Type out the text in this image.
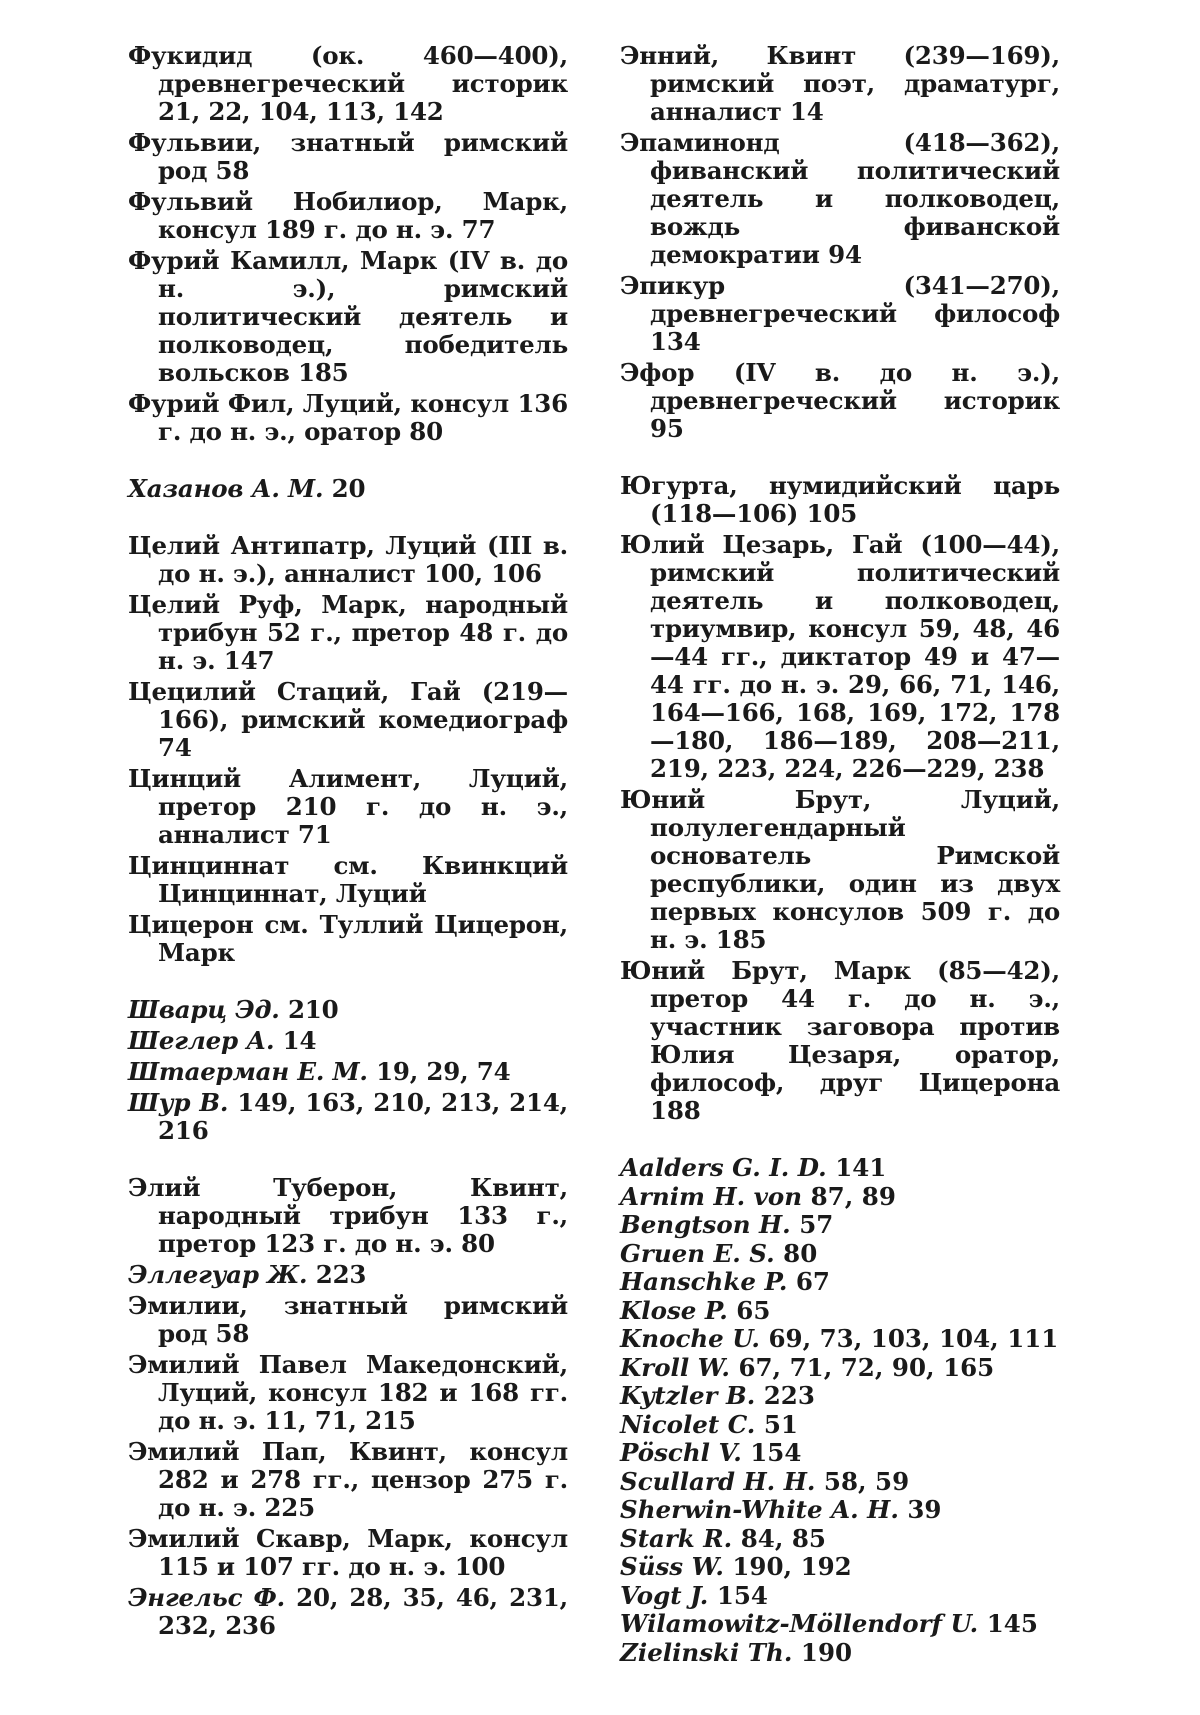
Фукидид (ок. 460—400), древнегреческий историк 21, 22, 104, 113, 142
Фульвии, знатный римский род 58
Фульвий Нобилиор, Марк, консул 189 г. до н. э. 77
Фурий Камилл, Марк (IV в. до н. э.), римский политический деятель и полководец, победитель вольсков 185
Фурий Фил, Луций, консул 136 г. до н. э., оратор 80
Хазанов А. М. 20
Целий Антипатр, Луций (III в. до н. э.), анналист 100, 106
Целий Руф, Марк, народный трибун 52 г., претор 48 г. до н. э. 147
Цецилий Стаций, Гай (219—166), римский комедиограф 74
Цинций Алимент, Луций, претор 210 г. до н. э., анналист 71
Цинциннат см. Квинкций Цинциннат, Луций
Цицерон см. Туллий Цицерон, Марк
Шварц Эд. 210
Шеглер А. 14
Штаерман Е. М. 19, 29, 74
Шур В. 149, 163, 210, 213, 214, 216
Элий Туберон, Квинт, народный трибун 133 г., претор 123 г. до н. э. 80
Эллегуар Ж. 223
Эмилии, знатный римский род 58
Эмилий Павел Македонский, Луций, консул 182 и 168 гг. до н. э. 11, 71, 215
Эмилий Пап, Квинт, консул 282 и 278 гг., цензор 275 г. до н. э. 225
Эмилий Скавр, Марк, консул 115 и 107 гг. до н. э. 100
Энгельс Ф. 20, 28, 35, 46, 231, 232, 236
Энний, Квинт (239—169), римский поэт, драматург, анналист 14
Эпаминонд (418—362), фиванский политический деятель и полководец, вождь фиванской демократии 94
Эпикур (341—270), древнегреческий философ 134
Эфор (IV в. до н. э.), древнегреческий историк 95
Югурта, нумидийский царь (118—106) 105
Юлий Цезарь, Гай (100—44), римский политический деятель и полководец, триумвир, консул 59, 48, 46—44 гг., диктатор 49 и 47—44 гг. до н. э. 29, 66, 71, 146, 164—166, 168, 169, 172, 178—180, 186—189, 208—211, 219, 223, 224, 226—229, 238
Юний Брут, Луций, полулегендарный основатель Римской республики, один из двух первых консулов 509 г. до н. э. 185
Юний Брут, Марк (85—42), претор 44 г. до н. э., участник заговора против Юлия Цезаря, оратор, философ, друг Цицерона 188
Aalders G. I. D. 141
Arnim H. von 87, 89
Bengtson H. 57
Gruen E. S. 80
Hanschke P. 67
Klose P. 65
Knoche U. 69, 73, 103, 104, 111
Kroll W. 67, 71, 72, 90, 165
Kytzler B. 223
Nicolet C. 51
Pöschl V. 154
Scullard H. H. 58, 59
Sherwin-White A. H. 39
Stark R. 84, 85
Süss W. 190, 192
Vogt J. 154
Wilamowitz-Möllendorf U. 145
Zielinski Th. 190
